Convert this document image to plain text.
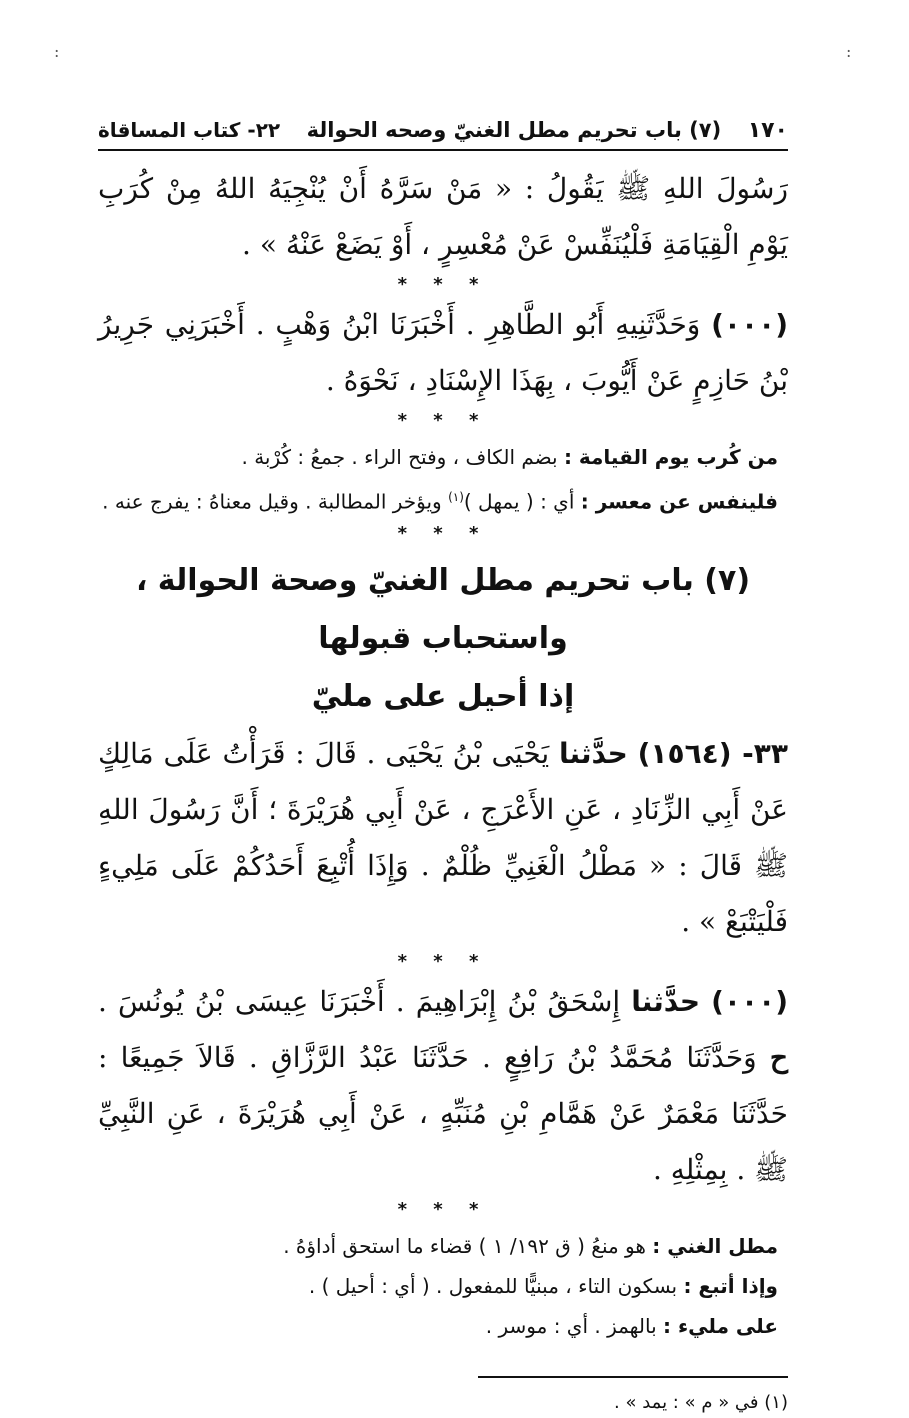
:	:
١٧٠
(٧) باب تحريم مطل الغنيّ وصحه الحوالة
٢٢- كتاب المساقاة

رَسُولَ اللهِ ﷺ يَقُولُ : « مَنْ سَرَّهُ أَنْ يُنْجِيَهُ اللهُ مِنْ كُرَبِ يَوْمِ الْقِيَامَةِ فَلْيُنَفِّسْ عَنْ مُعْسِرٍ ، أَوْ يَضَعْ عَنْهُ » .

* * *

(٠٠٠) وَحَدَّثَنِيهِ أَبُو الطَّاهِرِ . أَخْبَرَنَا ابْنُ وَهْبٍ . أَخْبَرَنِي جَرِيرُ بْنُ حَازِمٍ عَنْ أَيُّوبَ ، بِهَذَا الإِسْنَادِ ، نَحْوَهُ .

* * *

من كُرب يوم القيامة : بضم الكاف ، وفتح الراء . جمعُ : كُرْبة .

فلينفس عن معسر : أي : ( يمهل )$^{(١)}$ ويؤخر المطالبة . وقيل معناهُ : يفرج عنه .

* * *

(٧) باب تحريم مطل الغنيّ وصحة الحوالة ، واستحباب قبولها
إذا أحيل على مليّ

٣٣- (١٥٦٤) حدَّثنا يَحْيَى بْنُ يَحْيَى . قَالَ : قَرَأْتُ عَلَى مَالِكٍ عَنْ أَبِي الزِّنَادِ ، عَنِ الأَعْرَجِ ، عَنْ أَبِي هُرَيْرَةَ ؛ أَنَّ رَسُولَ اللهِ ﷺ قَالَ : « مَطْلُ الْغَنِيِّ ظُلْمٌ . وَإِذَا أُتْبِعَ أَحَدُكُمْ عَلَى مَلِيءٍ فَلْيَتْبَعْ » .

* * *

(٠٠٠) حدَّثنا إِسْحَقُ بْنُ إِبْرَاهِيمَ . أَخْبَرَنَا عِيسَى بْنُ يُونُسَ . ح وَحَدَّثَنَا مُحَمَّدُ بْنُ رَافِعٍ . حَدَّثَنَا عَبْدُ الرَّزَّاقِ . قَالاَ جَمِيعًا : حَدَّثَنَا مَعْمَرٌ عَنْ هَمَّامِ بْنِ مُنَبِّهٍ ، عَنْ أَبِي هُرَيْرَةَ ، عَنِ النَّبِيِّ ﷺ . بِمِثْلِهِ .

* * *

مطل الغني : هو منعُ ( ق ١٩٢/ ١ ) قضاء ما استحق أداؤهُ .

وإذا أتبع : بسكون التاء ، مبنيًّا للمفعول . ( أي : أحيل ) .

على مليء : بالهمز . أي : موسر .

(١) في « م » : يمد » .
